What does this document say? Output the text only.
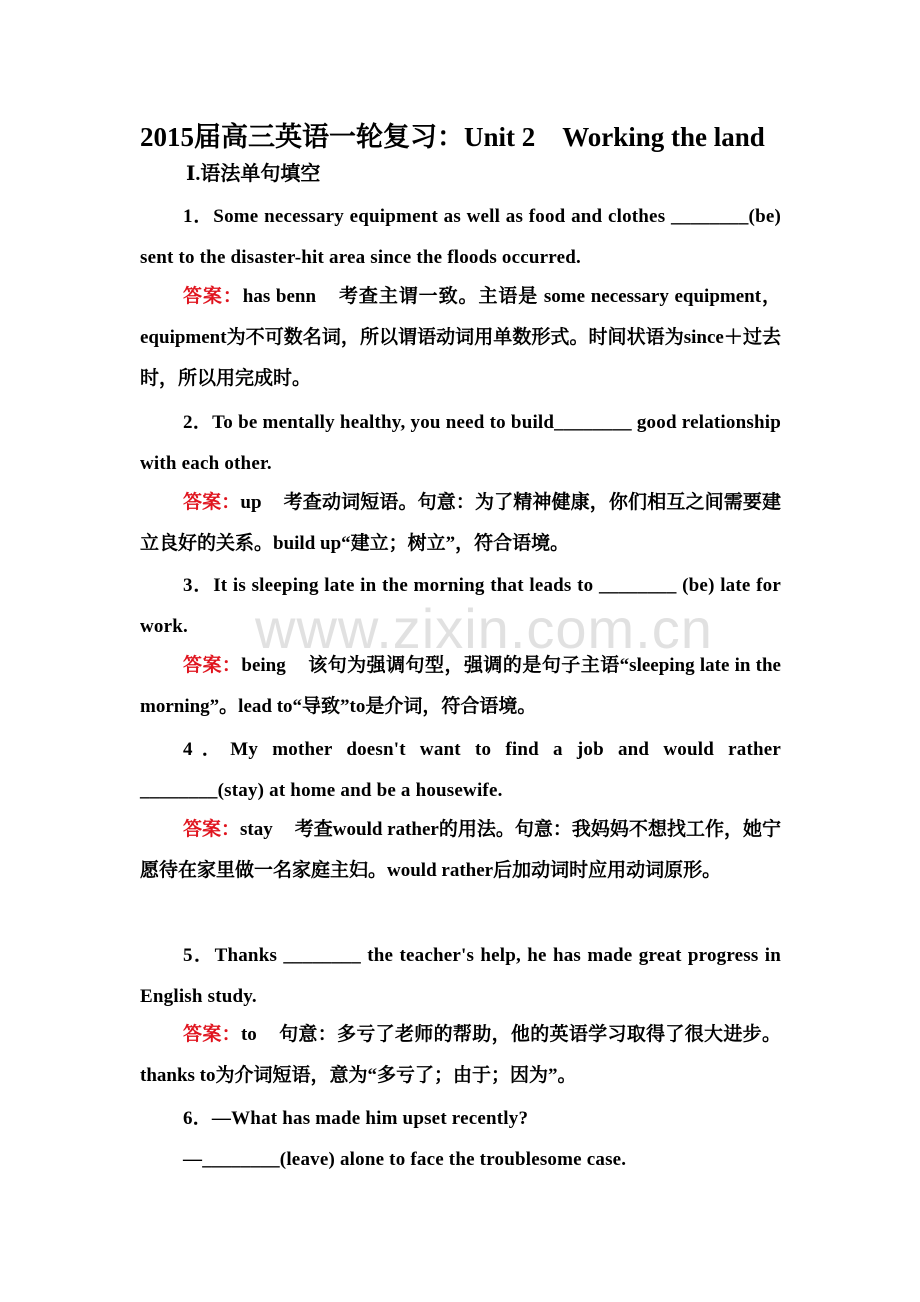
2015届高三英语一轮复习：Unit 2　Working the land
Ⅰ.语法单句填空
1．Some necessary equipment as well as food and clothes ________(be) sent to the disaster-hit area since the floods occurred.
答案：has benn 考查主谓一致。主语是 some necessary equipment，equipment为不可数名词，所以谓语动词用单数形式。时间状语为since＋过去时，所以用完成时。
2．To be mentally healthy, you need to build________ good relationship with each other.
答案：up 考查动词短语。句意：为了精神健康，你们相互之间需要建立良好的关系。build up“建立；树立”，符合语境。
3．It is sleeping late in the morning that leads to ________ (be) late for work.
答案：being 该句为强调句型，强调的是句子主语“sleeping late in the morning”。lead to“导致”to是介词，符合语境。
4．My mother doesn't want to find a job and would rather ________(stay) at home and be a housewife.
答案：stay 考查would rather的用法。句意：我妈妈不想找工作，她宁愿待在家里做一名家庭主妇。would rather后加动词时应用动词原形。
5．Thanks ________ the teacher's help, he has made great progress in English study.
答案：to 句意：多亏了老师的帮助，他的英语学习取得了很大进步。thanks to为介词短语，意为“多亏了；由于；因为”。
6．—What has made him upset recently?
—________(leave) alone to face the troublesome case.
www.zixin.com.cn
